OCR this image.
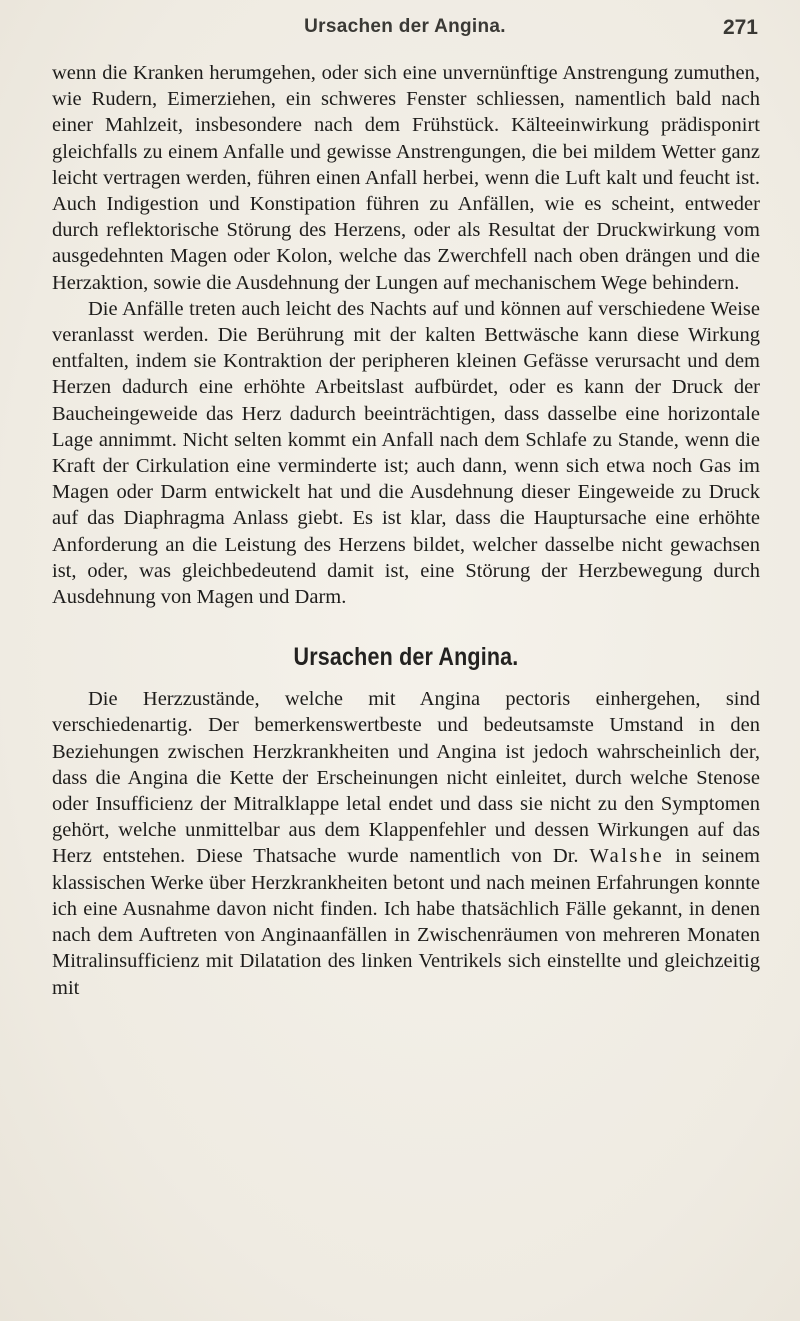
Ursachen der Angina.	271

wenn die Kranken herumgehen, oder sich eine unvernünftige Anstrengung zumuthen, wie Rudern, Eimerziehen, ein schweres Fenster schliessen, namentlich bald nach einer Mahlzeit, insbesondere nach dem Frühstück. Kälteeinwirkung prädisponirt gleichfalls zu einem Anfalle und gewisse Anstrengungen, die bei mildem Wetter ganz leicht vertragen werden, führen einen Anfall herbei, wenn die Luft kalt und feucht ist. Auch Indigestion und Konstipation führen zu Anfällen, wie es scheint, entweder durch reflektorische Störung des Herzens, oder als Resultat der Druckwirkung vom ausgedehnten Magen oder Kolon, welche das Zwerchfell nach oben drängen und die Herzaktion, sowie die Ausdehnung der Lungen auf mechanischem Wege behindern.

Die Anfälle treten auch leicht des Nachts auf und können auf verschiedene Weise veranlasst werden. Die Berührung mit der kalten Bettwäsche kann diese Wirkung entfalten, indem sie Kontraktion der peripheren kleinen Gefässe verursacht und dem Herzen dadurch eine erhöhte Arbeitslast aufbürdet, oder es kann der Druck der Baucheingeweide das Herz dadurch beeinträchtigen, dass dasselbe eine horizontale Lage annimmt. Nicht selten kommt ein Anfall nach dem Schlafe zu Stande, wenn die Kraft der Cirkulation eine verminderte ist; auch dann, wenn sich etwa noch Gas im Magen oder Darm entwickelt hat und die Ausdehnung dieser Eingeweide zu Druck auf das Diaphragma Anlass giebt. Es ist klar, dass die Hauptursache eine erhöhte Anforderung an die Leistung des Herzens bildet, welcher dasselbe nicht gewachsen ist, oder, was gleichbedeutend damit ist, eine Störung der Herzbewegung durch Ausdehnung von Magen und Darm.

Ursachen der Angina.

Die Herzzustände, welche mit Angina pectoris einhergehen, sind verschiedenartig. Der bemerkenswertbeste und bedeutsamste Umstand in den Beziehungen zwischen Herzkrankheiten und Angina ist jedoch wahrscheinlich der, dass die Angina die Kette der Erscheinungen nicht einleitet, durch welche Stenose oder Insufficienz der Mitralklappe letal endet und dass sie nicht zu den Symptomen gehört, welche unmittelbar aus dem Klappenfehler und dessen Wirkungen auf das Herz entstehen. Diese Thatsache wurde namentlich von Dr. Walshe in seinem klassischen Werke über Herzkrankheiten betont und nach meinen Erfahrungen konnte ich eine Ausnahme davon nicht finden. Ich habe thatsächlich Fälle gekannt, in denen nach dem Auftreten von Anginaanfällen in Zwischenräumen von mehreren Monaten Mitralinsufficienz mit Dilatation des linken Ventrikels sich einstellte und gleichzeitig mit
